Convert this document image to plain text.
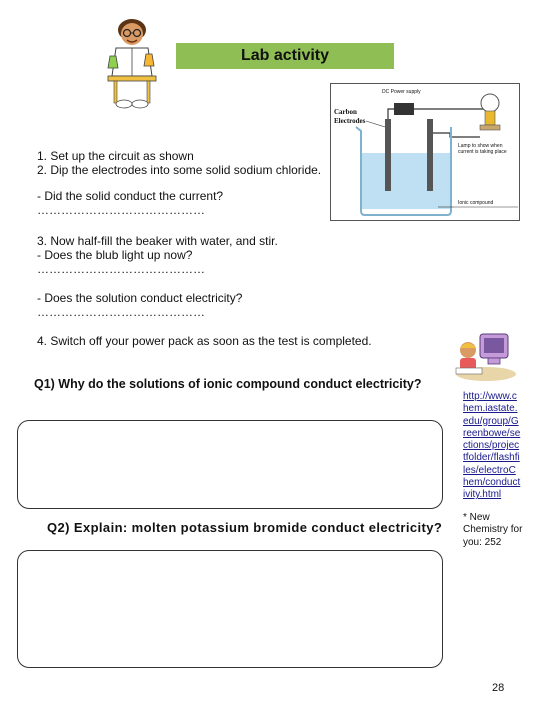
Lab activity
DC Power supply
Carbon Electrodes
Lamp to show when current is taking place
Ionic compound
1. Set up the circuit as shown
2. Dip the electrodes into some solid sodium chloride.
- Did the solid conduct the current?
……………………………………
3. Now half-fill the beaker with water, and stir.
- Does the blub light up now?
……………………………………
- Does the solution conduct electricity?
……………………………………
4. Switch off your power pack as soon as the test is completed.
Q1) Why do the solutions of ionic compound conduct electricity?
Q2) Explain: molten potassium bromide conduct electricity?
http://www.chem.iastate.edu/group/Greenbowe/sections/projectfolder/flashfiles/electroChem/conductivity.html
* New Chemistry for you: 252
28
